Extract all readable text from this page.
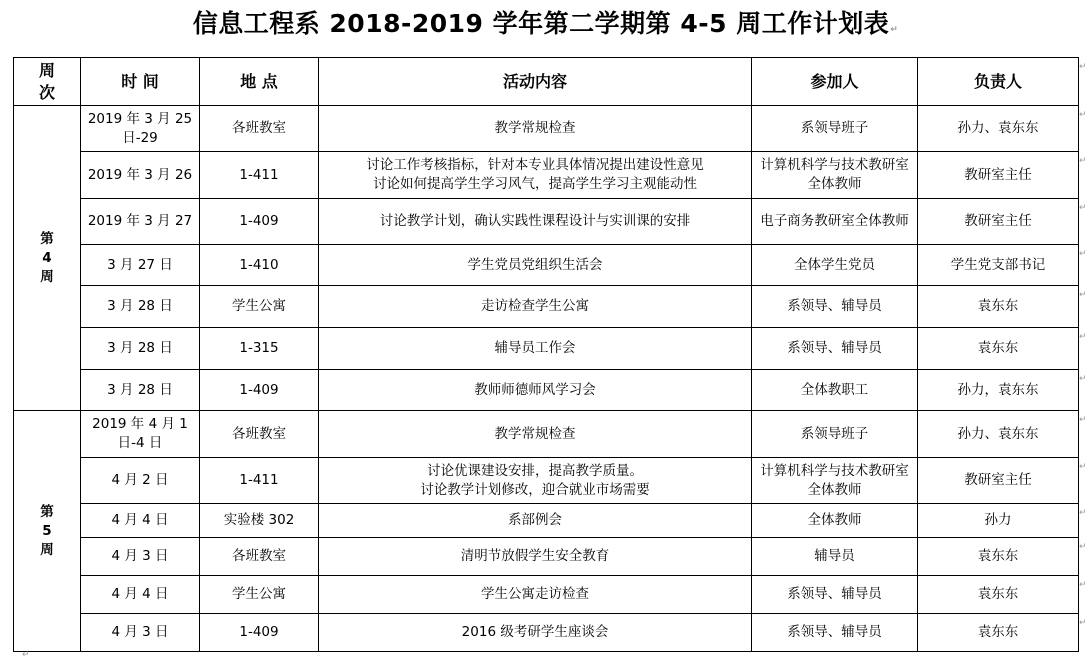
信息工程系 2018-2019 学年第二学期第 4-5 周工作计划表↵
周
次	时 间	地 点	活动内容	参加人	负责人

第
4
周	2019 年 3 月 25 日-29	各班教室	教学常规检查	系领导班子	孙力、袁东东
	2019 年 3 月 26	1-411	讨论工作考核指标，针对本专业具体情况提出建设性意见
讨论如何提高学生学习风气，提高学生学习主观能动性	计算机科学与技术教研室全体教师	教研室主任
	2019 年 3 月 27	1-409	讨论教学计划，确认实践性课程设计与实训课的安排	电子商务教研室全体教师	教研室主任
	3 月 27 日	1-410	学生党员党组织生活会	全体学生党员	学生党支部书记
	3 月 28 日	学生公寓	走访检查学生公寓	系领导、辅导员	袁东东
	3 月 28 日	1-315	辅导员工作会	系领导、辅导员	袁东东
	3 月 28 日	1-409	教师师德师风学习会	全体教职工	孙力，袁东东

第
5
周	2019 年 4 月 1 日-4 日	各班教室	教学常规检查	系领导班子	孙力、袁东东
	4 月 2 日	1-411	讨论优课建设安排，提高教学质量。
讨论教学计划修改，迎合就业市场需要	计算机科学与技术教研室全体教师	教研室主任
	4 月 4 日	实验楼 302	系部例会	全体教师	孙力
	4 月 3 日	各班教室	清明节放假学生安全教育	辅导员	袁东东
	4 月 4 日	学生公寓	学生公寓走访检查	系领导、辅导员	袁东东
	4 月 3 日	1-409	2016 级考研学生座谈会	系领导、辅导员	袁东东
↵
↵
↵
↵
↵
↵
↵
↵
↵
↵
↵
↵
↵
↵
↵
